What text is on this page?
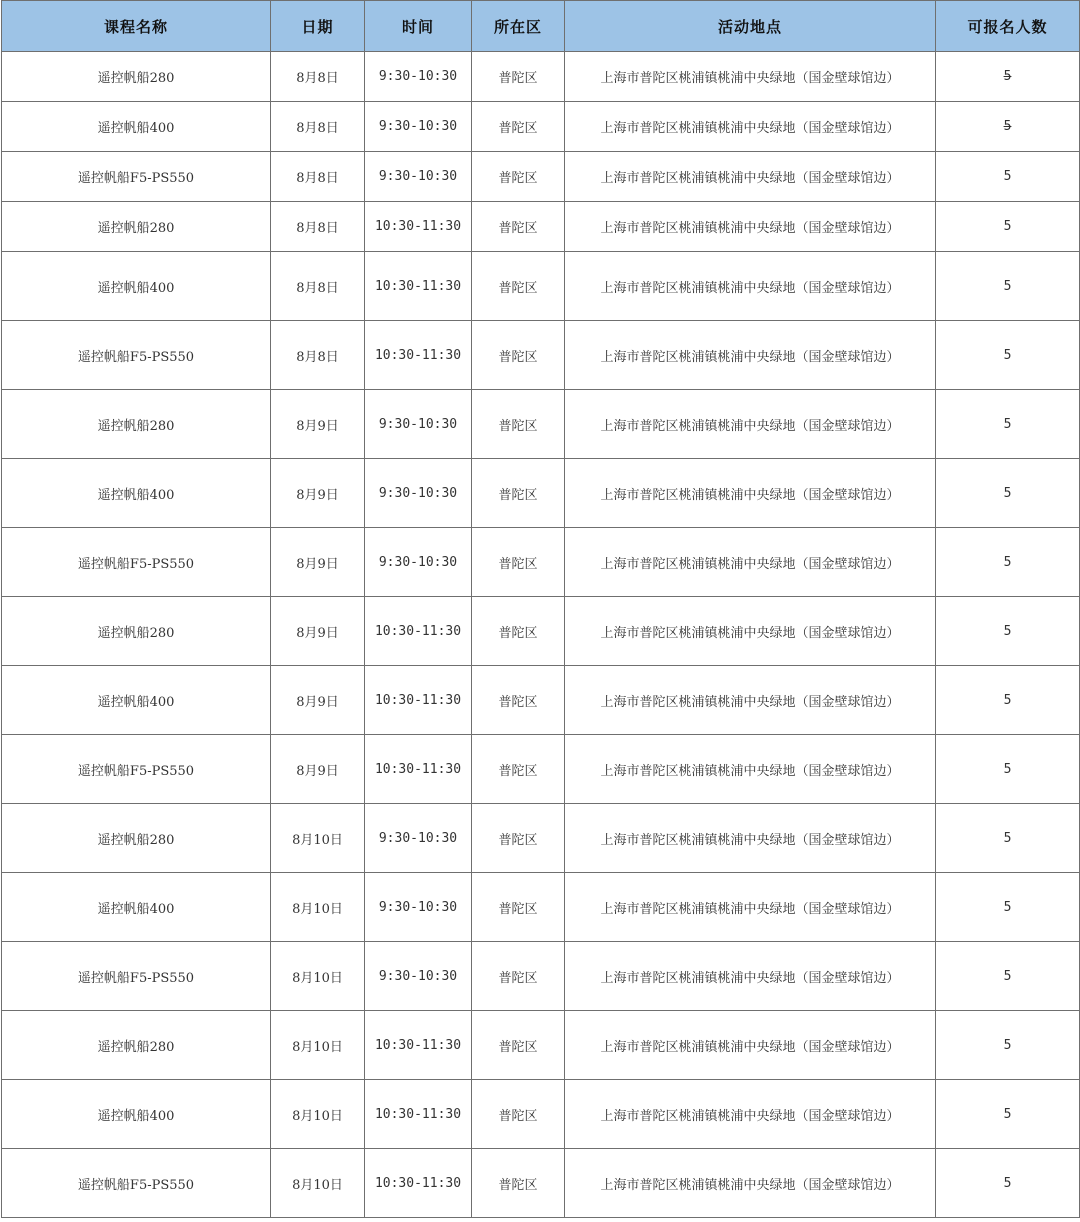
课程名称	日期	时间	所在区	活动地点	可报名人数
遥控帆船280	8月8日	9:30-10:30	普陀区	上海市普陀区桃浦镇桃浦中央绿地（国金壁球馆边）	5
遥控帆船400	8月8日	9:30-10:30	普陀区	上海市普陀区桃浦镇桃浦中央绿地（国金壁球馆边）	5
遥控帆船F5-PS550	8月8日	9:30-10:30	普陀区	上海市普陀区桃浦镇桃浦中央绿地（国金壁球馆边）	5
遥控帆船280	8月8日	10:30-11:30	普陀区	上海市普陀区桃浦镇桃浦中央绿地（国金壁球馆边）	5
遥控帆船400	8月8日	10:30-11:30	普陀区	上海市普陀区桃浦镇桃浦中央绿地（国金壁球馆边）	5
遥控帆船F5-PS550	8月8日	10:30-11:30	普陀区	上海市普陀区桃浦镇桃浦中央绿地（国金壁球馆边）	5
遥控帆船280	8月9日	9:30-10:30	普陀区	上海市普陀区桃浦镇桃浦中央绿地（国金壁球馆边）	5
遥控帆船400	8月9日	9:30-10:30	普陀区	上海市普陀区桃浦镇桃浦中央绿地（国金壁球馆边）	5
遥控帆船F5-PS550	8月9日	9:30-10:30	普陀区	上海市普陀区桃浦镇桃浦中央绿地（国金壁球馆边）	5
遥控帆船280	8月9日	10:30-11:30	普陀区	上海市普陀区桃浦镇桃浦中央绿地（国金壁球馆边）	5
遥控帆船400	8月9日	10:30-11:30	普陀区	上海市普陀区桃浦镇桃浦中央绿地（国金壁球馆边）	5
遥控帆船F5-PS550	8月9日	10:30-11:30	普陀区	上海市普陀区桃浦镇桃浦中央绿地（国金壁球馆边）	5
遥控帆船280	8月10日	9:30-10:30	普陀区	上海市普陀区桃浦镇桃浦中央绿地（国金壁球馆边）	5
遥控帆船400	8月10日	9:30-10:30	普陀区	上海市普陀区桃浦镇桃浦中央绿地（国金壁球馆边）	5
遥控帆船F5-PS550	8月10日	9:30-10:30	普陀区	上海市普陀区桃浦镇桃浦中央绿地（国金壁球馆边）	5
遥控帆船280	8月10日	10:30-11:30	普陀区	上海市普陀区桃浦镇桃浦中央绿地（国金壁球馆边）	5
遥控帆船400	8月10日	10:30-11:30	普陀区	上海市普陀区桃浦镇桃浦中央绿地（国金壁球馆边）	5
遥控帆船F5-PS550	8月10日	10:30-11:30	普陀区	上海市普陀区桃浦镇桃浦中央绿地（国金壁球馆边）	5
